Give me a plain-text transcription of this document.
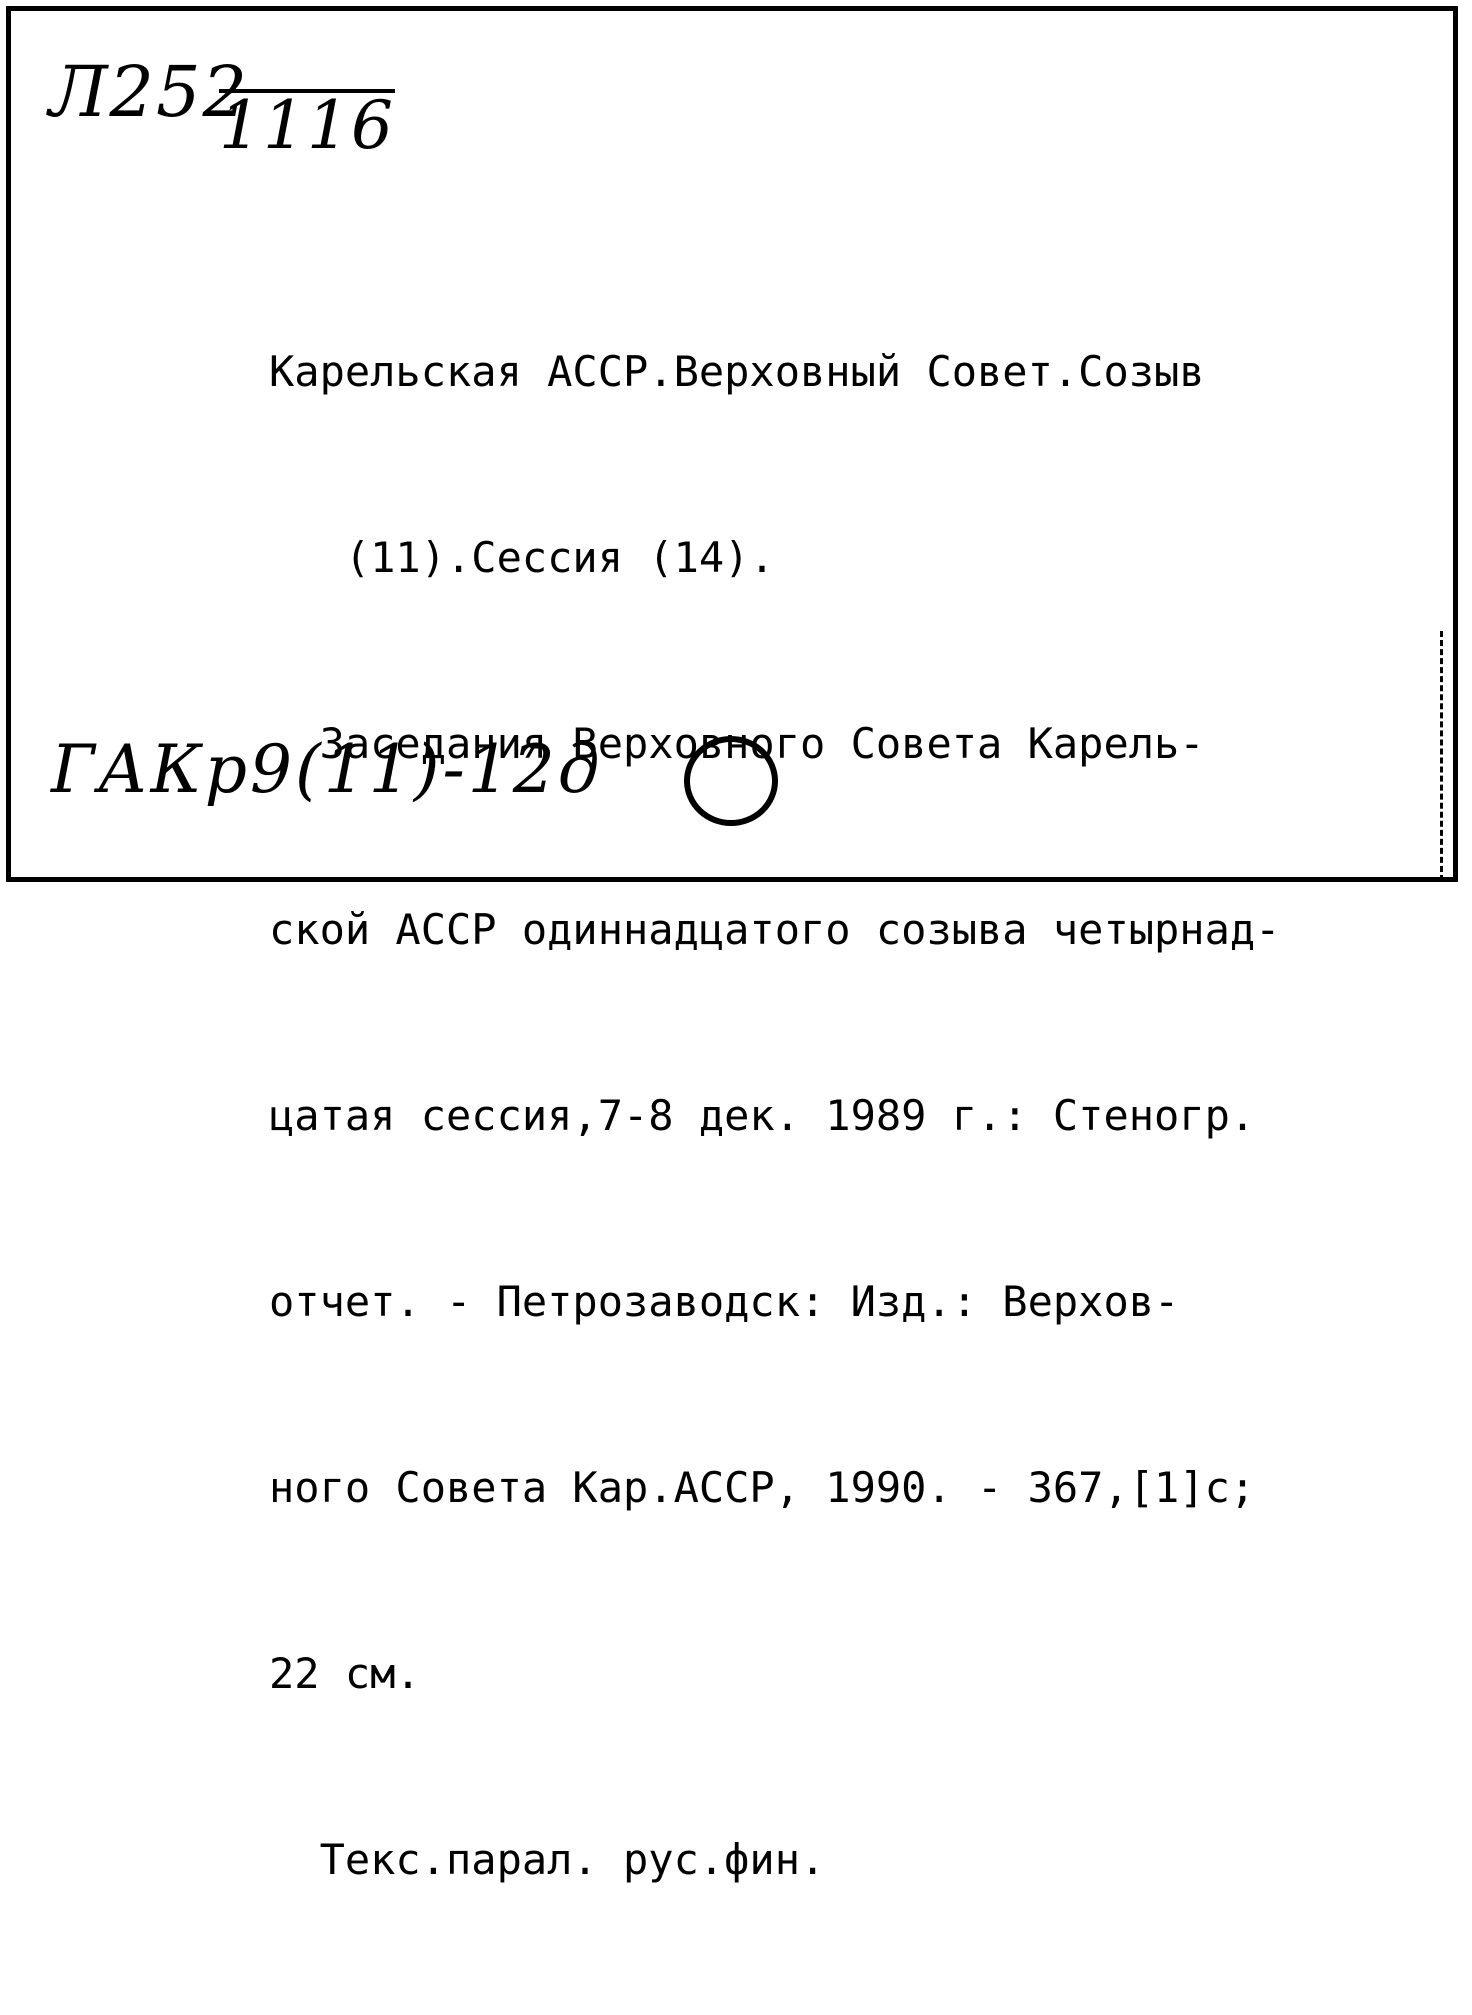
Л252
1116

Карельская АССР.Верховный Совет.Созыв

(11).Сессия (14).

Заседания Верховного Совета Карель-

ской АССР одиннадцатого созыва четырнад-

цатая сессия,7-8 дек. 1989 г.: Стеногр.

отчет. - Петрозаводск: Изд.: Верхов-

ного Совета Кар.АССР, 1990. - 367,[1]с;

22 см.

Текс.парал. рус.фин.

ГАКр9(11)-12д
